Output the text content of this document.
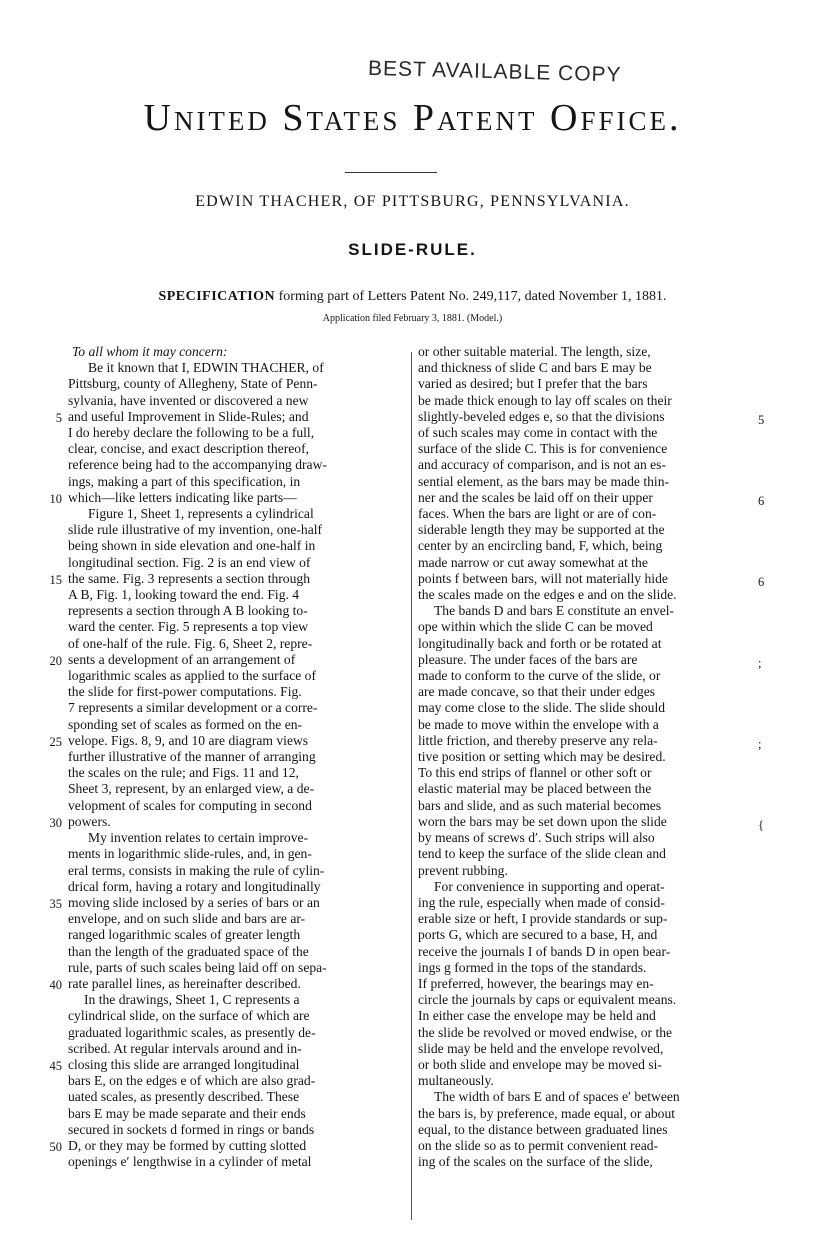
BEST AVAILABLE COPY
United States Patent Office.
EDWIN THACHER, OF PITTSBURG, PENNSYLVANIA.
SLIDE-RULE.
SPECIFICATION forming part of Letters Patent No. 249,117, dated November 1, 1881.
Application filed February 3, 1881. (Model.)
To all whom it may concern:
Be it known that I, EDWIN THACHER, of
Pittsburg, county of Allegheny, State of Penn-
sylvania, have invented or discovered a new
and useful Improvement in Slide-Rules; and
I do hereby declare the following to be a full,
clear, concise, and exact description thereof,
reference being had to the accompanying draw-
ings, making a part of this specification, in
which—like letters indicating like parts—
Figure 1, Sheet 1, represents a cylindrical
slide rule illustrative of my invention, one-half
being shown in side elevation and one-half in
longitudinal section. Fig. 2 is an end view of
the same. Fig. 3 represents a section through
A B, Fig. 1, looking toward the end. Fig. 4
represents a section through A B looking to-
ward the center. Fig. 5 represents a top view
of one-half of the rule. Fig. 6, Sheet 2, repre-
sents a development of an arrangement of
logarithmic scales as applied to the surface of
the slide for first-power computations. Fig.
7 represents a similar development or a corre-
sponding set of scales as formed on the en-
velope. Figs. 8, 9, and 10 are diagram views
further illustrative of the manner of arranging
the scales on the rule; and Figs. 11 and 12,
Sheet 3, represent, by an enlarged view, a de-
velopment of scales for computing in second
powers.
My invention relates to certain improve-
ments in logarithmic slide-rules, and, in gen-
eral terms, consists in making the rule of cylin-
drical form, having a rotary and longitudinally
moving slide inclosed by a series of bars or an
envelope, and on such slide and bars are ar-
ranged logarithmic scales of greater length
than the length of the graduated space of the
rule, parts of such scales being laid off on sepa-
rate parallel lines, as hereinafter described.
In the drawings, Sheet 1, C represents a
cylindrical slide, on the surface of which are
graduated logarithmic scales, as presently de-
scribed. At regular intervals around and in-
closing this slide are arranged longitudinal
bars E, on the edges e of which are also grad-
uated scales, as presently described. These
bars E may be made separate and their ends
secured in sockets d formed in rings or bands
D, or they may be formed by cutting slotted
openings e′ lengthwise in a cylinder of metal
or other suitable material. The length, size,
and thickness of slide C and bars E may be
varied as desired; but I prefer that the bars
be made thick enough to lay off scales on their
slightly-beveled edges e, so that the divisions
of such scales may come in contact with the
surface of the slide C. This is for convenience
and accuracy of comparison, and is not an es-
sential element, as the bars may be made thin-
ner and the scales be laid off on their upper
faces. When the bars are light or are of con-
siderable length they may be supported at the
center by an encircling band, F, which, being
made narrow or cut away somewhat at the
points f between bars, will not materially hide
the scales made on the edges e and on the slide.
The bands D and bars E constitute an envel-
ope within which the slide C can be moved
longitudinally back and forth or be rotated at
pleasure. The under faces of the bars are
made to conform to the curve of the slide, or
are made concave, so that their under edges
may come close to the slide. The slide should
be made to move within the envelope with a
little friction, and thereby preserve any rela-
tive position or setting which may be desired.
To this end strips of flannel or other soft or
elastic material may be placed between the
bars and slide, and as such material becomes
worn the bars may be set down upon the slide
by means of screws d′. Such strips will also
tend to keep the surface of the slide clean and
prevent rubbing.
For convenience in supporting and operat-
ing the rule, especially when made of consid-
erable size or heft, I provide standards or sup-
ports G, which are secured to a base, H, and
receive the journals I of bands D in open bear-
ings g formed in the tops of the standards.
If preferred, however, the bearings may en-
circle the journals by caps or equivalent means.
In either case the envelope may be held and
the slide be revolved or moved endwise, or the
slide may be held and the envelope revolved,
or both slide and envelope may be moved si-
multaneously.
The width of bars E and of spaces e′ between
the bars is, by preference, made equal, or about
equal, to the distance between graduated lines
on the slide so as to permit convenient read-
ing of the scales on the surface of the slide,
5
10
15
20
25
30
35
40
45
50
5
6
6
;
;
{
